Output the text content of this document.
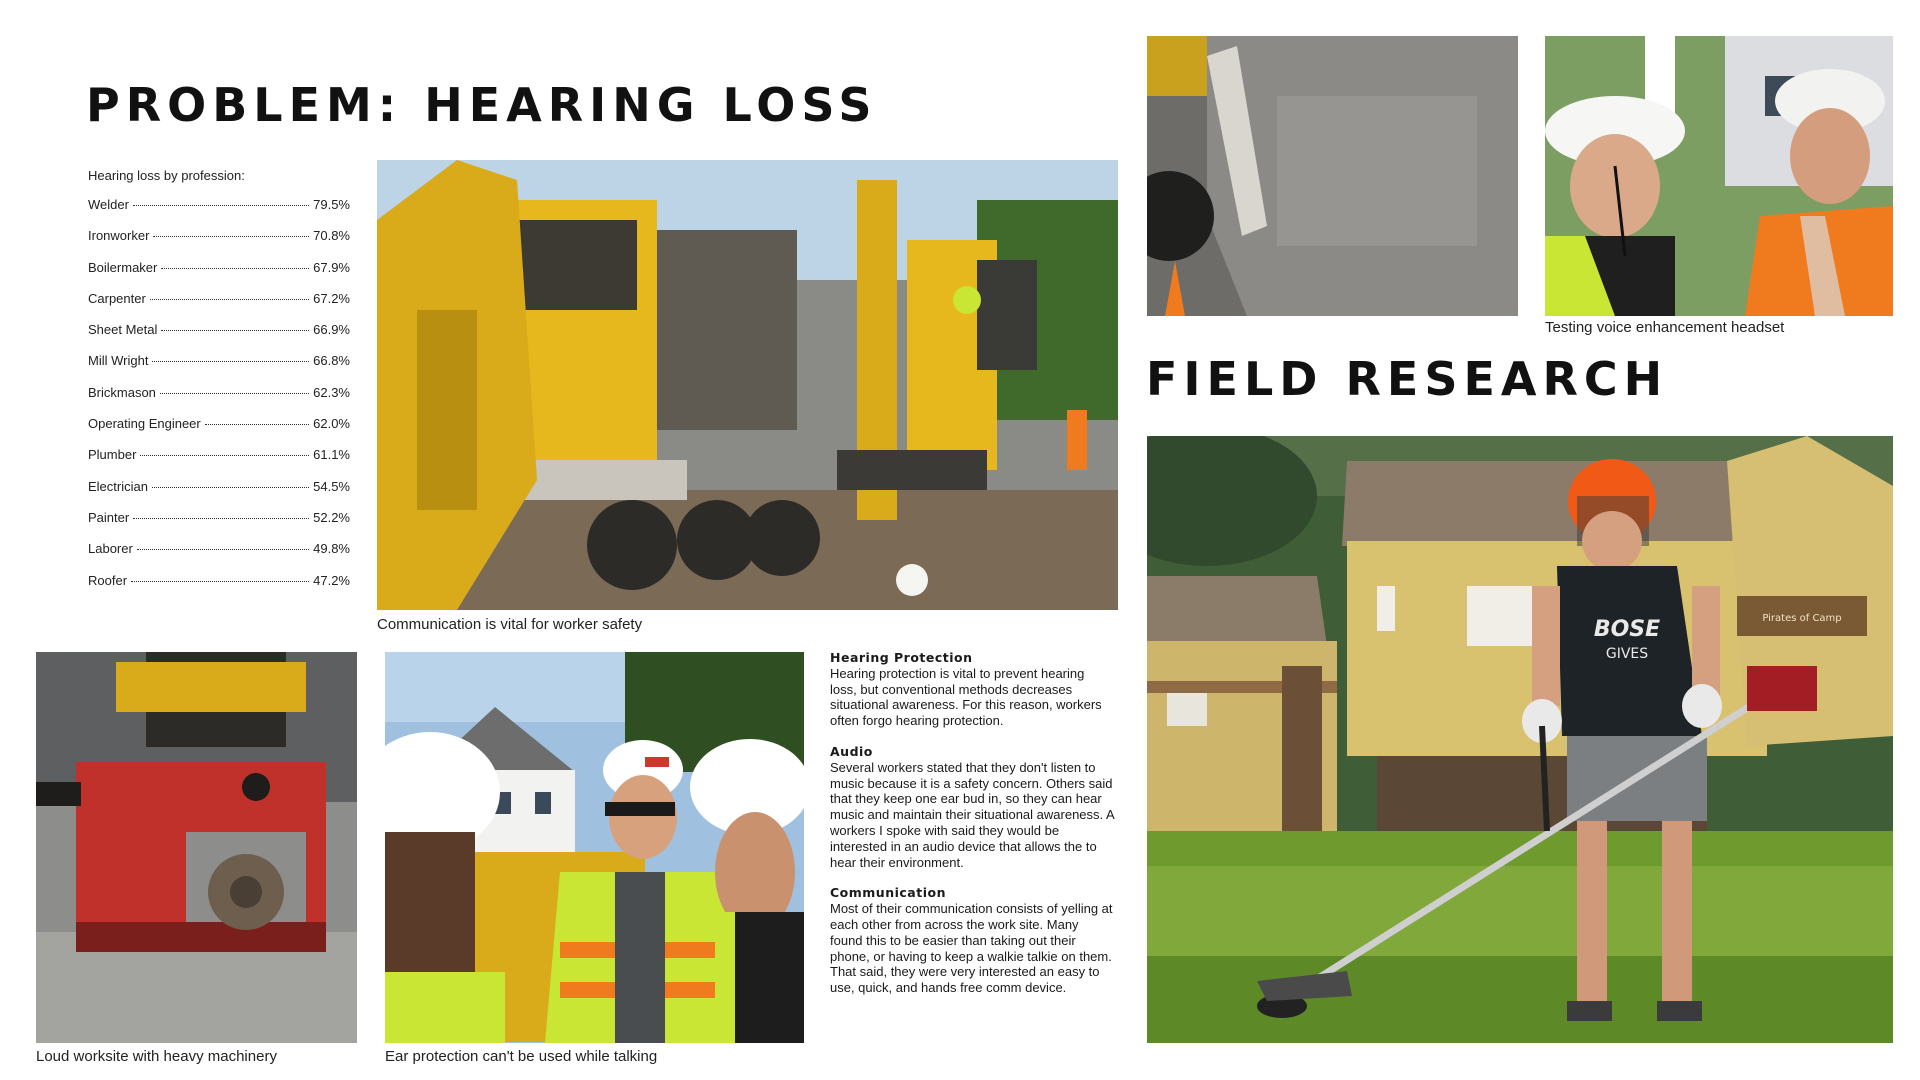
PROBLEM: HEARING LOSS
Hearing loss by profession:
Welder	79.5%
Ironworker	70.8%
Boilermaker	67.9%
Carpenter	67.2%
Sheet Metal	66.9%
Mill Wright	66.8%
Brickmason	62.3%
Operating Engineer	62.0%
Plumber	61.1%
Electrician	54.5%
Painter	52.2%
Laborer	49.8%
Roofer	47.2%
Communication is vital for worker safety
Loud worksite with heavy machinery	Ear protection can't be used while talking
Hearing Protection
Hearing protection is vital to prevent hearing loss, but conventional methods decreases situational awareness. For this reason, workers often forgo hearing protection.
Audio
Several workers stated that they don't listen to music because it is a safety concern. Others said that they keep one ear bud in, so they can hear music and maintain their situational awareness. A workers I spoke with said they would be interested in an audio device that allows the to hear their environment.
Communication
Most of their communication consists of yelling at each other from across the work site. Many found this to be easier than taking out their phone, or having to keep a walkie talkie on them. That said, they were very interested an easy to use, quick, and hands free comm device.
Testing voice enhancement headset
FIELD RESEARCH
Pirates of Camp
BOSE
GIVES
